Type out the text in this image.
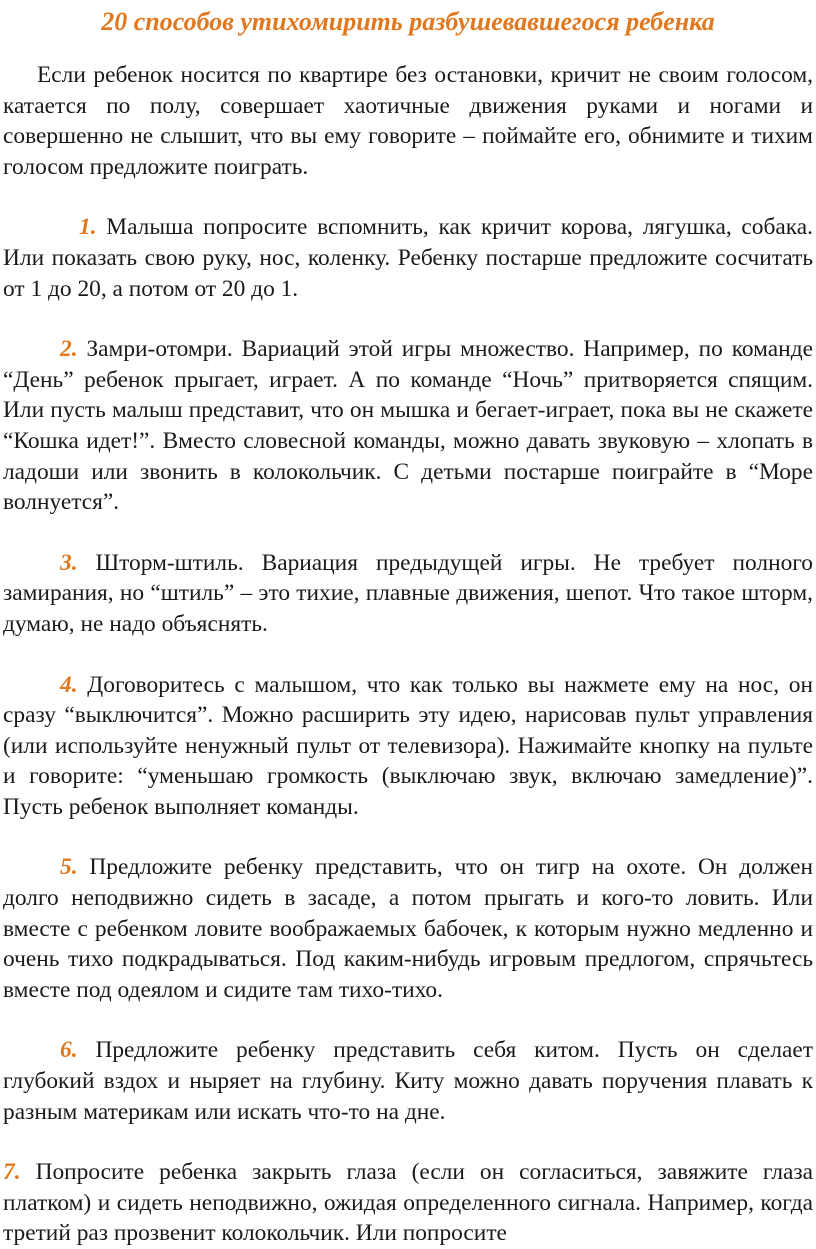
20 способов утихомирить разбушевавшегося ребенка

Если ребенок носится по квартире без остановки, кричит не своим голосом, катается по полу, совершает хаотичные движения руками и ногами и совершенно не слышит, что вы ему говорите – поймайте его, обнимите и тихим голосом предложите поиграть.

1. Малыша попросите вспомнить, как кричит корова, лягушка, собака. Или показать свою руку, нос, коленку. Ребенку постарше предложите сосчитать от 1 до 20, а потом от 20 до 1.

2. Замри-отомри. Вариаций этой игры множество. Например, по команде “День” ребенок прыгает, играет. А по команде “Ночь” притворяется спящим. Или пусть малыш представит, что он мышка и бегает-играет, пока вы не скажете “Кошка идет!”. Вместо словесной команды, можно давать звуковую – хлопать в ладоши или звонить в колокольчик. С детьми постарше поиграйте в “Море волнуется”.

3. Шторм-штиль. Вариация предыдущей игры. Не требует полного замирания, но “штиль” – это тихие, плавные движения, шепот. Что такое шторм, думаю, не надо объяснять.

4. Договоритесь с малышом, что как только вы нажмете ему на нос, он сразу “выключится”. Можно расширить эту идею, нарисовав пульт управления (или используйте ненужный пульт от телевизора). Нажимайте кнопку на пульте и говорите: “уменьшаю громкость (выключаю звук, включаю замедление)”. Пусть ребенок выполняет команды.

5. Предложите ребенку представить, что он тигр на охоте. Он должен долго неподвижно сидеть в засаде, а потом прыгать и кого-то ловить. Или вместе с ребенком ловите воображаемых бабочек, к которым нужно медленно и очень тихо подкрадываться. Под каким-нибудь игровым предлогом, спрячьтесь вместе под одеялом и сидите там тихо-тихо.

6. Предложите ребенку представить себя китом. Пусть он сделает глубокий вздох и ныряет на глубину. Киту можно давать поручения плавать к разным материкам или искать что-то на дне.

7. Попросите ребенка закрыть глаза (если он согласиться, завяжите глаза платком) и сидеть неподвижно, ожидая определенного сигнала. Например, когда третий раз прозвенит колокольчик. Или попросите
